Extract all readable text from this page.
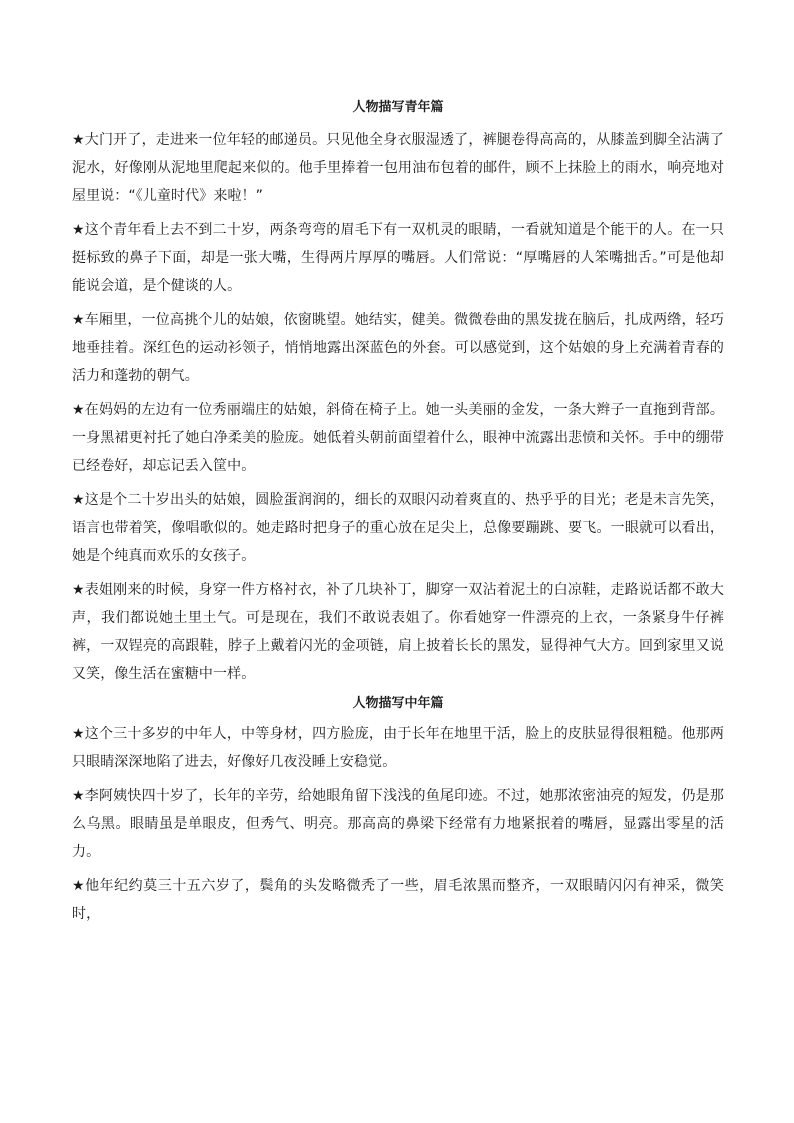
人物描写青年篇

★大门开了，走进来一位年轻的邮递员。只见他全身衣服湿透了，裤腿卷得高高的，从膝盖到脚全沾满了泥水，好像刚从泥地里爬起来似的。他手里捧着一包用油布包着的邮件，顾不上抹脸上的雨水，响亮地对屋里说：“《儿童时代》来啦！”

★这个青年看上去不到二十岁，两条弯弯的眉毛下有一双机灵的眼睛，一看就知道是个能干的人。在一只挺标致的鼻子下面，却是一张大嘴，生得两片厚厚的嘴唇。人们常说：“厚嘴唇的人笨嘴拙舌。”可是他却能说会道，是个健谈的人。

★车厢里，一位高挑个儿的姑娘，依窗眺望。她结实，健美。微微卷曲的黑发拢在脑后，扎成两绺，轻巧地垂挂着。深红色的运动衫领子，悄悄地露出深蓝色的外套。可以感觉到，这个姑娘的身上充满着青春的活力和蓬勃的朝气。

★在妈妈的左边有一位秀丽端庄的姑娘，斜倚在椅子上。她一头美丽的金发，一条大辫子一直拖到背部。一身黑裙更衬托了她白净柔美的脸庞。她低着头朝前面望着什么，眼神中流露出悲愤和关怀。手中的绷带已经卷好，却忘记丢入筐中。

★这是个二十岁出头的姑娘，圆脸蛋润润的，细长的双眼闪动着爽直的、热乎乎的目光；老是未言先笑，语言也带着笑，像唱歌似的。她走路时把身子的重心放在足尖上，总像要蹦跳、要飞。一眼就可以看出，她是个纯真而欢乐的女孩子。

★表姐刚来的时候，身穿一件方格衬衣，补了几块补丁，脚穿一双沾着泥土的白凉鞋，走路说话都不敢大声，我们都说她土里土气。可是现在，我们不敢说表姐了。你看她穿一件漂亮的上衣，一条紧身牛仔裤裤，一双锃亮的高跟鞋，脖子上戴着闪光的金项链，肩上披着长长的黑发，显得神气大方。回到家里又说又笑，像生活在蜜糖中一样。

人物描写中年篇

★这个三十多岁的中年人，中等身材，四方脸庞，由于长年在地里干活，脸上的皮肤显得很粗糙。他那两只眼睛深深地陷了进去，好像好几夜没睡上安稳觉。

★李阿姨快四十岁了，长年的辛劳，给她眼角留下浅浅的鱼尾印迹。不过，她那浓密油亮的短发，仍是那么乌黑。眼睛虽是单眼皮，但秀气、明亮。那高高的鼻梁下经常有力地紧抿着的嘴唇，显露出零星的活力。

★他年纪约莫三十五六岁了，鬓角的头发略微秃了一些，眉毛浓黑而整齐，一双眼睛闪闪有神采，微笑时，
